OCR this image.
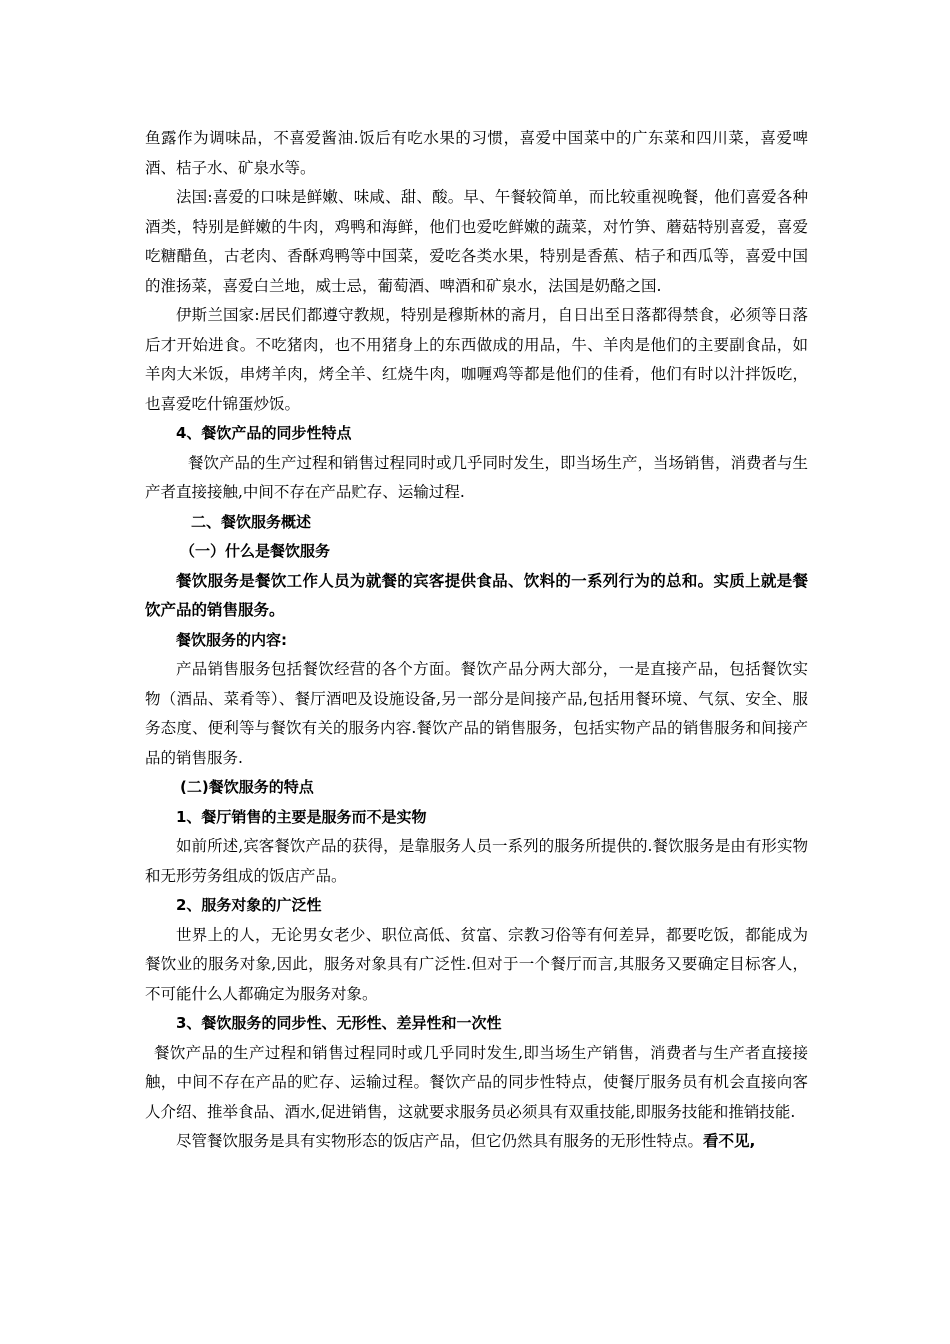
鱼露作为调味品，不喜爱酱油.饭后有吃水果的习惯，喜爱中国菜中的广东菜和四川菜，喜爱啤酒、桔子水、矿泉水等。

法国:喜爱的口味是鲜嫩、味咸、甜、酸。早、午餐较简单，而比较重视晚餐，他们喜爱各种酒类，特别是鲜嫩的牛肉，鸡鸭和海鲜，他们也爱吃鲜嫩的蔬菜，对竹笋、蘑菇特别喜爱，喜爱吃糖醋鱼，古老肉、香酥鸡鸭等中国菜，爱吃各类水果，特别是香蕉、桔子和西瓜等，喜爱中国的淮扬菜，喜爱白兰地，威士忌，葡萄酒、啤酒和矿泉水，法国是奶酪之国.

伊斯兰国家:居民们都遵守教规，特别是穆斯林的斋月，自日出至日落都得禁食，必须等日落后才开始进食。不吃猪肉，也不用猪身上的东西做成的用品，牛、羊肉是他们的主要副食品，如羊肉大米饭，串烤羊肉，烤全羊、红烧牛肉，咖喱鸡等都是他们的佳肴，他们有时以汁拌饭吃，也喜爱吃什锦蛋炒饭。

4、餐饮产品的同步性特点

餐饮产品的生产过程和销售过程同时或几乎同时发生，即当场生产，当场销售，消费者与生产者直接接触,中间不存在产品贮存、运输过程.

二、餐饮服务概述
（一）什么是餐饮服务

餐饮服务是餐饮工作人员为就餐的宾客提供食品、饮料的一系列行为的总和。实质上就是餐饮产品的销售服务。

餐饮服务的内容:

产品销售服务包括餐饮经营的各个方面。餐饮产品分两大部分，一是直接产品，包括餐饮实物（酒品、菜肴等）、餐厅酒吧及设施设备,另一部分是间接产品,包括用餐环境、气氛、安全、服务态度、便利等与餐饮有关的服务内容.餐饮产品的销售服务，包括实物产品的销售服务和间接产品的销售服务.

(二)餐饮服务的特点
1、餐厅销售的主要是服务而不是实物

如前所述,宾客餐饮产品的获得，是靠服务人员一系列的服务所提供的.餐饮服务是由有形实物和无形劳务组成的饭店产品。

2、服务对象的广泛性

世界上的人，无论男女老少、职位高低、贫富、宗教习俗等有何差异，都要吃饭，都能成为餐饮业的服务对象,因此，服务对象具有广泛性.但对于一个餐厅而言,其服务又要确定目标客人，不可能什么人都确定为服务对象。

3、餐饮服务的同步性、无形性、差异性和一次性

餐饮产品的生产过程和销售过程同时或几乎同时发生,即当场生产销售，消费者与生产者直接接触，中间不存在产品的贮存、运输过程。餐饮产品的同步性特点，使餐厅服务员有机会直接向客人介绍、推举食品、酒水,促进销售，这就要求服务员必须具有双重技能,即服务技能和推销技能.

尽管餐饮服务是具有实物形态的饭店产品，但它仍然具有服务的无形性特点。看不见,
